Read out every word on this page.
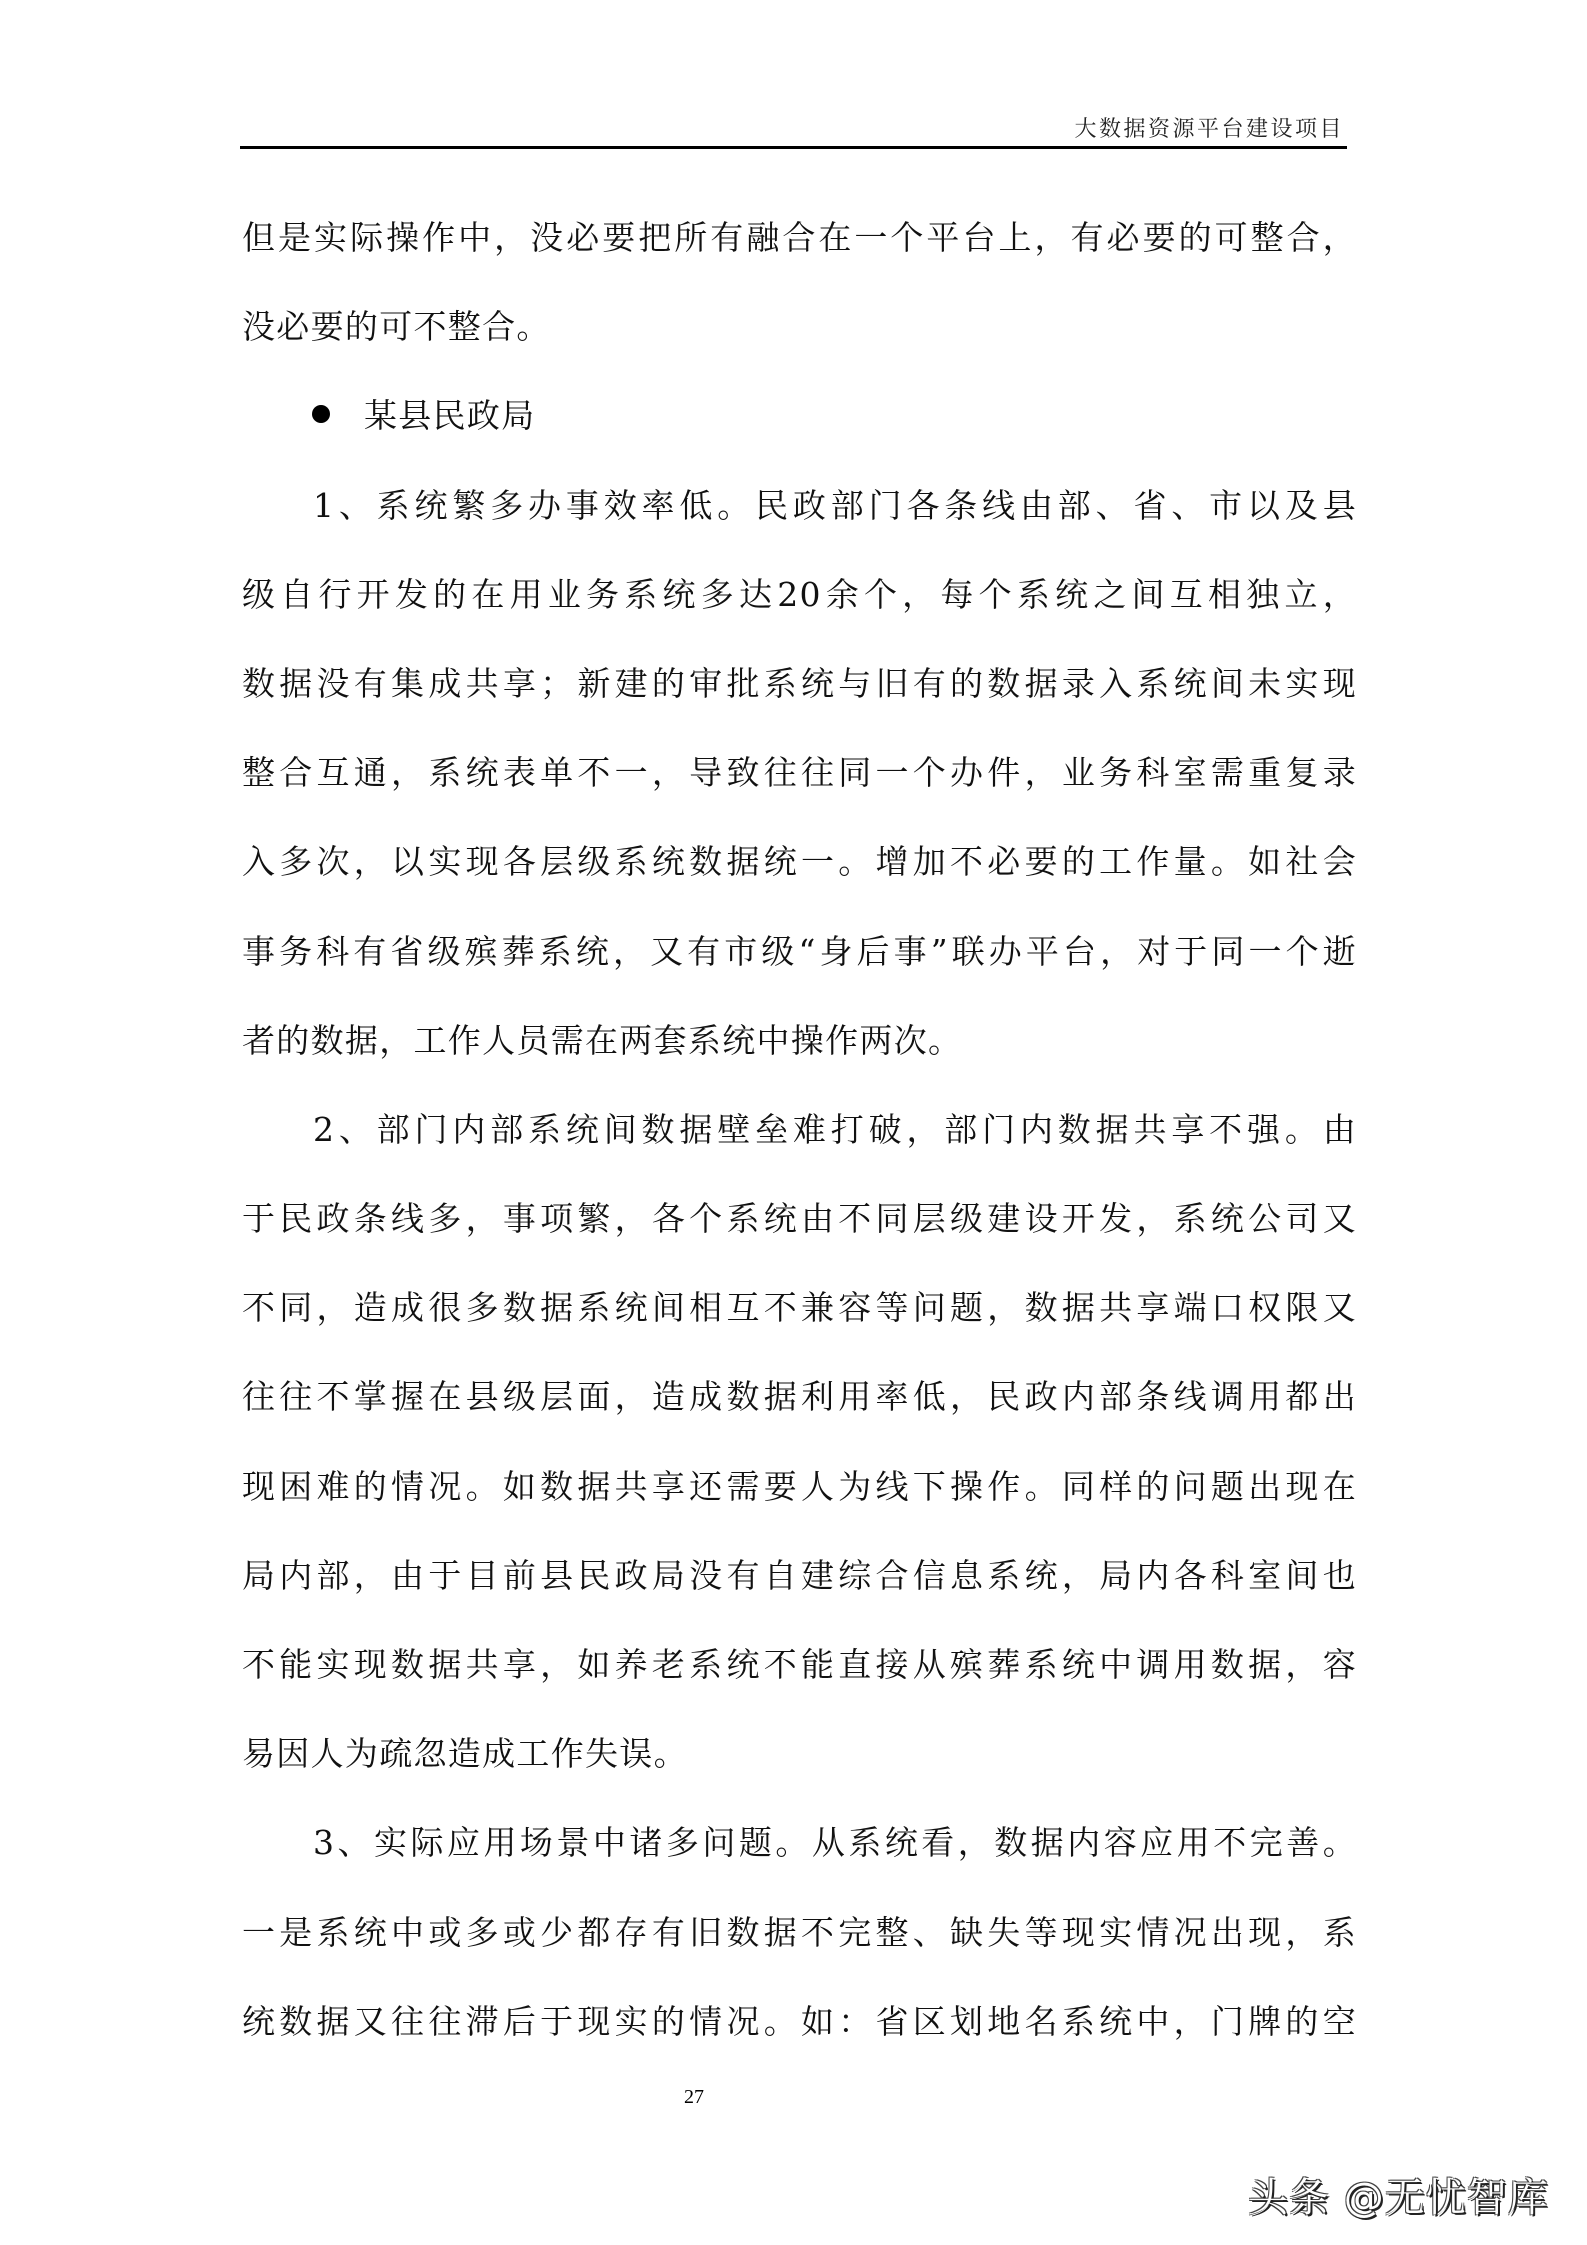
大数据资源平台建设项目
但是实际操作中，没必要把所有融合在一个平台上，有必要的可整合，
没必要的可不整合。
某县民政局
1、系统繁多办事效率低。民政部门各条线由部、省、市以及县
级自行开发的在用业务系统多达20余个，每个系统之间互相独立，
数据没有集成共享；新建的审批系统与旧有的数据录入系统间未实现
整合互通，系统表单不一，导致往往同一个办件，业务科室需重复录
入多次，以实现各层级系统数据统一。增加不必要的工作量。如社会
事务科有省级殡葬系统，又有市级“身后事”联办平台，对于同一个逝
者的数据，工作人员需在两套系统中操作两次。
2、部门内部系统间数据壁垒难打破，部门内数据共享不强。由
于民政条线多，事项繁，各个系统由不同层级建设开发，系统公司又
不同，造成很多数据系统间相互不兼容等问题，数据共享端口权限又
往往不掌握在县级层面，造成数据利用率低，民政内部条线调用都出
现困难的情况。如数据共享还需要人为线下操作。同样的问题出现在
局内部，由于目前县民政局没有自建综合信息系统，局内各科室间也
不能实现数据共享，如养老系统不能直接从殡葬系统中调用数据，容
易因人为疏忽造成工作失误。
3、实际应用场景中诸多问题。从系统看，数据内容应用不完善。
一是系统中或多或少都存有旧数据不完整、缺失等现实情况出现，系
统数据又往往滞后于现实的情况。如：省区划地名系统中，门牌的空
27
头条 @无忧智库
